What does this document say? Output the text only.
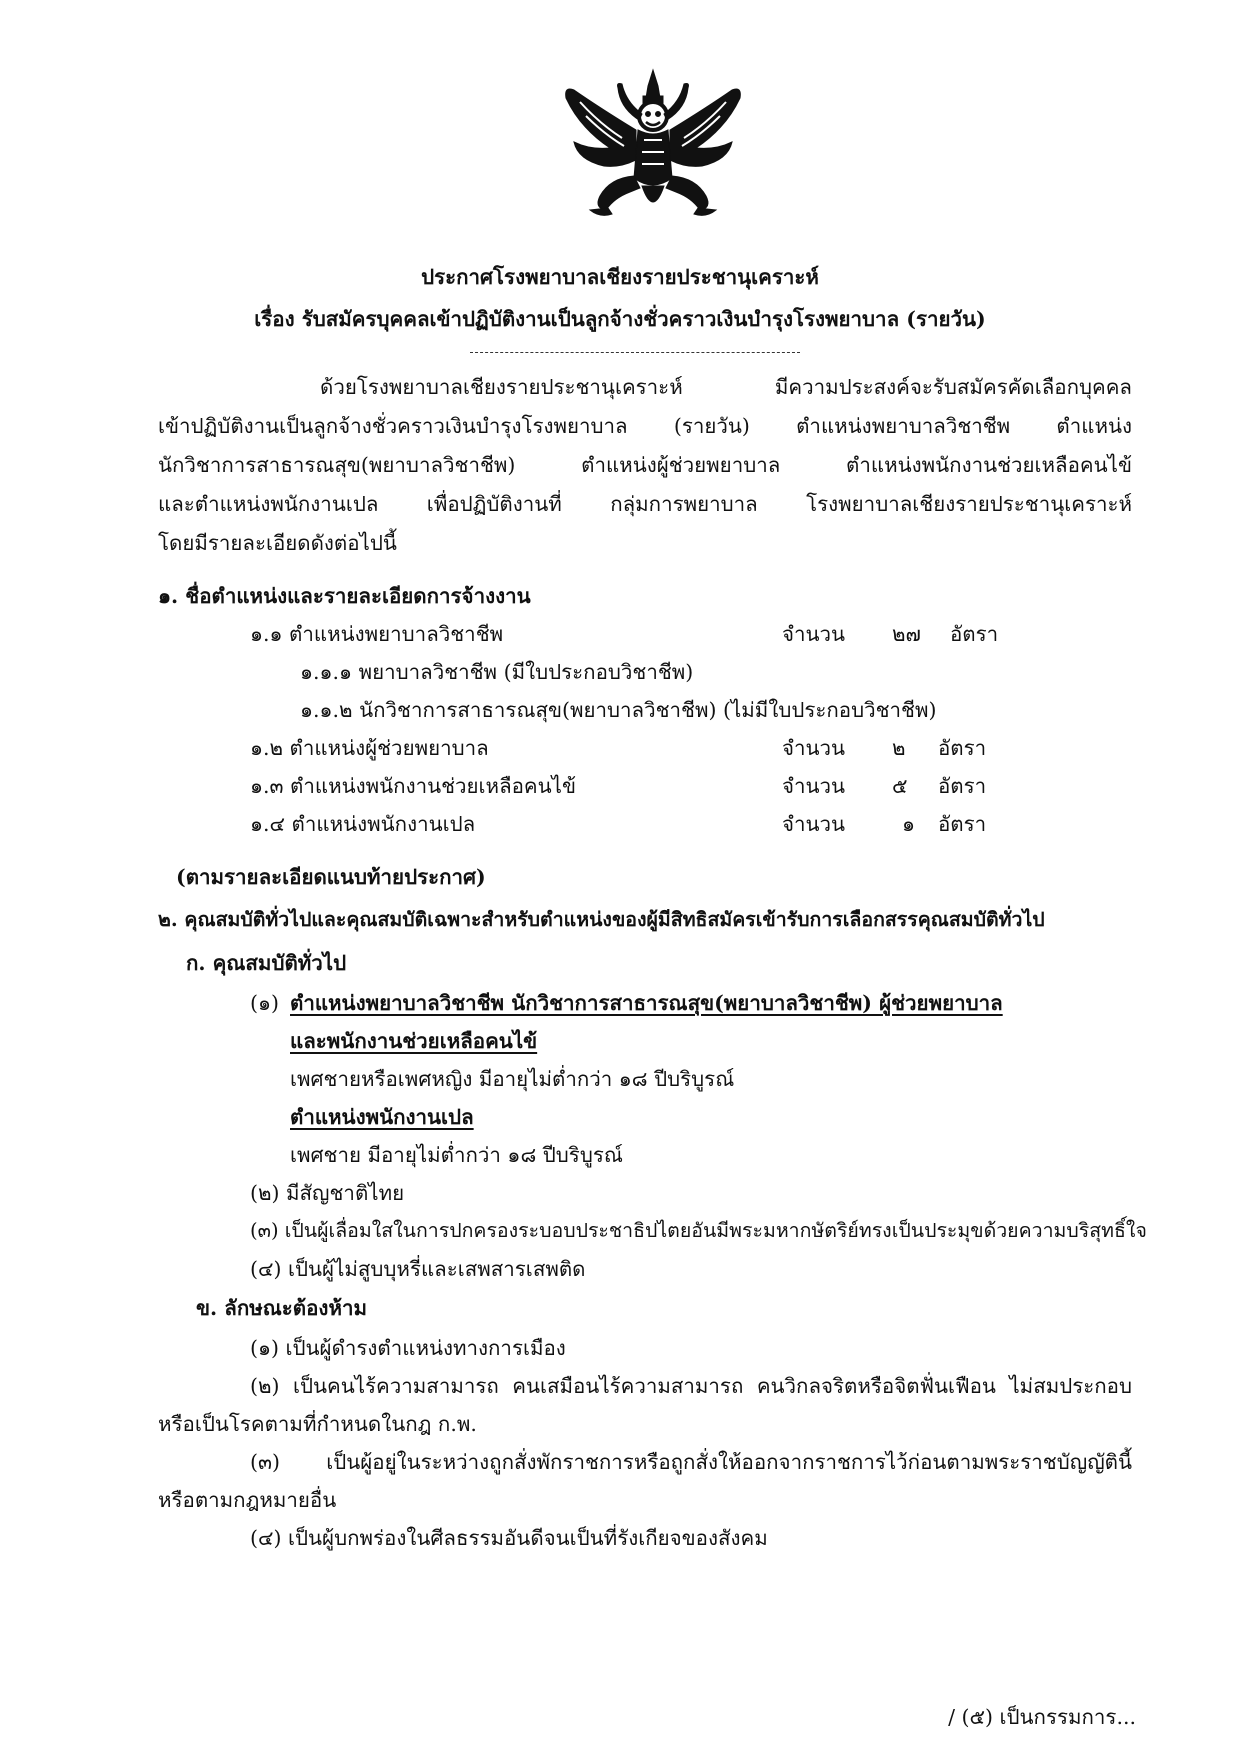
ประกาศโรงพยาบาลเชียงรายประชานุเคราะห์
เรื่อง รับสมัครบุคคลเข้าปฏิบัติงานเป็นลูกจ้างชั่วคราวเงินบำรุงโรงพยาบาล (รายวัน)
ด้วยโรงพยาบาลเชียงรายประชานุเคราะห์ มีความประสงค์จะรับสมัครคัดเลือกบุคคล
เข้าปฏิบัติงานเป็นลูกจ้างชั่วคราวเงินบำรุงโรงพยาบาล (รายวัน) ตำแหน่งพยาบาลวิชาชีพ ตำแหน่ง
นักวิชาการสาธารณสุข(พยาบาลวิชาชีพ) ตำแหน่งผู้ช่วยพยาบาล ตำแหน่งพนักงานช่วยเหลือคนไข้
และตำแหน่งพนักงานเปล เพื่อปฏิบัติงานที่ กลุ่มการพยาบาล โรงพยาบาลเชียงรายประชานุเคราะห์
โดยมีรายละเอียดดังต่อไปนี้
๑. ชื่อตำแหน่งและรายละเอียดการจ้างงาน
๑.๑ ตำแหน่งพยาบาลวิชาชีพ	จำนวน ๒๗ อัตรา
๑.๑.๑ พยาบาลวิชาชีพ (มีใบประกอบวิชาชีพ)
๑.๑.๒ นักวิชาการสาธารณสุข(พยาบาลวิชาชีพ) (ไม่มีใบประกอบวิชาชีพ)
๑.๒ ตำแหน่งผู้ช่วยพยาบาล	จำนวน ๒ อัตรา
๑.๓ ตำแหน่งพนักงานช่วยเหลือคนไข้	จำนวน ๕ อัตรา
๑.๔ ตำแหน่งพนักงานเปล	จำนวน	๑ อัตรา
(ตามรายละเอียดแนบท้ายประกาศ)
๒. คุณสมบัติทั่วไปและคุณสมบัติเฉพาะสำหรับตำแหน่งของผู้มีสิทธิสมัครเข้ารับการเลือกสรรคุณสมบัติทั่วไป
ก. คุณสมบัติทั่วไป
(๑) ตำแหน่งพยาบาลวิชาชีพ นักวิชาการสาธารณสุข(พยาบาลวิชาชีพ) ผู้ช่วยพยาบาล
และพนักงานช่วยเหลือคนไข้
เพศชายหรือเพศหญิง มีอายุไม่ต่ำกว่า ๑๘ ปีบริบูรณ์
ตำแหน่งพนักงานเปล
เพศชาย มีอายุไม่ต่ำกว่า ๑๘ ปีบริบูรณ์
(๒) มีสัญชาติไทย
(๓) เป็นผู้เลื่อมใสในการปกครองระบอบประชาธิปไตยอันมีพระมหากษัตริย์ทรงเป็นประมุขด้วยความบริสุทธิ์ใจ
(๔) เป็นผู้ไม่สูบบุหรี่และเสพสารเสพติด
ข. ลักษณะต้องห้าม
(๑) เป็นผู้ดำรงตำแหน่งทางการเมือง
(๒) เป็นคนไร้ความสามารถ คนเสมือนไร้ความสามารถ คนวิกลจริตหรือจิตฟั่นเฟือน ไม่สมประกอบ
หรือเป็นโรคตามที่กำหนดในกฎ ก.พ.
(๓) เป็นผู้อยู่ในระหว่างถูกสั่งพักราชการหรือถูกสั่งให้ออกจากราชการไว้ก่อนตามพระราชบัญญัตินี้
หรือตามกฎหมายอื่น
(๔) เป็นผู้บกพร่องในศีลธรรมอันดีจนเป็นที่รังเกียจของสังคม
/ (๕) เป็นกรรมการ...
